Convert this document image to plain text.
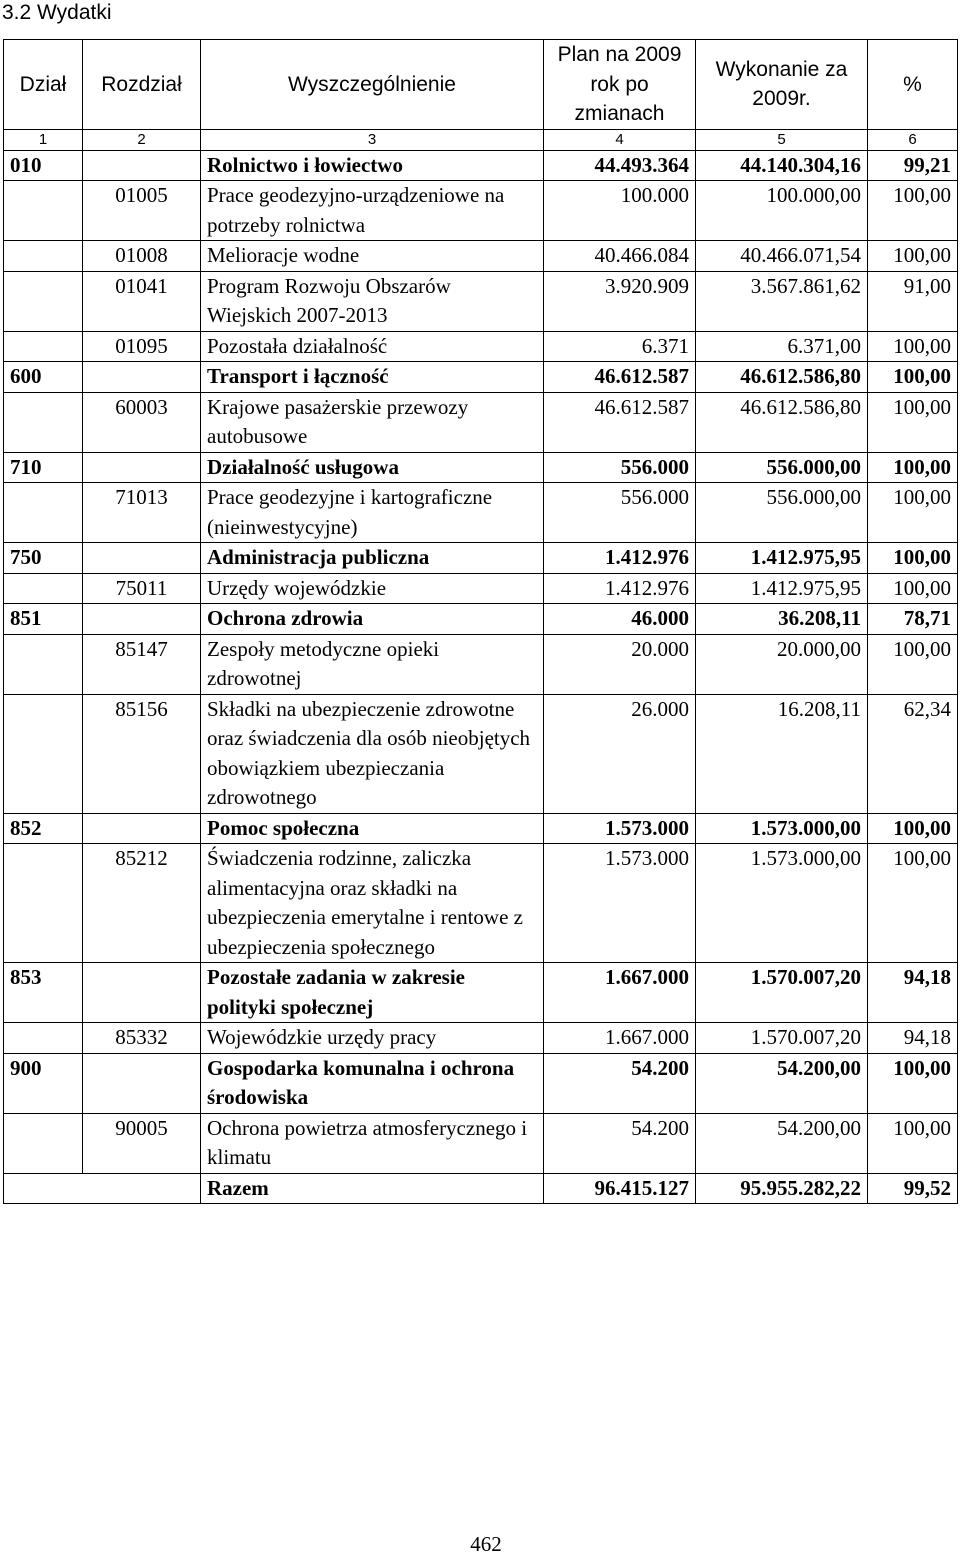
3.2 Wydatki
Dział	Rozdział	Wyszczególnienie	Plan na 2009 rok po zmianach	Wykonanie za 2009r.	%
1	2	3	4	5	6
010		Rolnictwo i łowiectwo	44.493.364	44.140.304,16	99,21
	01005	Prace geodezyjno-urządzeniowe na potrzeby rolnictwa	100.000	100.000,00	100,00
	01008	Melioracje wodne	40.466.084	40.466.071,54	100,00
	01041	Program Rozwoju Obszarów Wiejskich 2007-2013	3.920.909	3.567.861,62	91,00
	01095	Pozostała działalność	6.371	6.371,00	100,00
600		Transport i łączność	46.612.587	46.612.586,80	100,00
	60003	Krajowe pasażerskie przewozy autobusowe	46.612.587	46.612.586,80	100,00
710		Działalność usługowa	556.000	556.000,00	100,00
	71013	Prace geodezyjne i kartograficzne (nieinwestycyjne)	556.000	556.000,00	100,00
750		Administracja publiczna	1.412.976	1.412.975,95	100,00
	75011	Urzędy wojewódzkie	1.412.976	1.412.975,95	100,00
851		Ochrona zdrowia	46.000	36.208,11	78,71
	85147	Zespoły metodyczne opieki zdrowotnej	20.000	20.000,00	100,00
	85156	Składki na ubezpieczenie zdrowotne oraz świadczenia dla osób nieobjętych obowiązkiem ubezpieczania zdrowotnego	26.000	16.208,11	62,34
852		Pomoc społeczna	1.573.000	1.573.000,00	100,00
	85212	Świadczenia rodzinne, zaliczka alimentacyjna oraz składki na ubezpieczenia emerytalne i rentowe z ubezpieczenia społecznego	1.573.000	1.573.000,00	100,00
853		Pozostałe zadania w zakresie polityki społecznej	1.667.000	1.570.007,20	94,18
	85332	Wojewódzkie urzędy pracy	1.667.000	1.570.007,20	94,18
900		Gospodarka komunalna i ochrona środowiska	54.200	54.200,00	100,00
	90005	Ochrona powietrza atmosferycznego i klimatu	54.200	54.200,00	100,00
		Razem	96.415.127	95.955.282,22	99,52
462
